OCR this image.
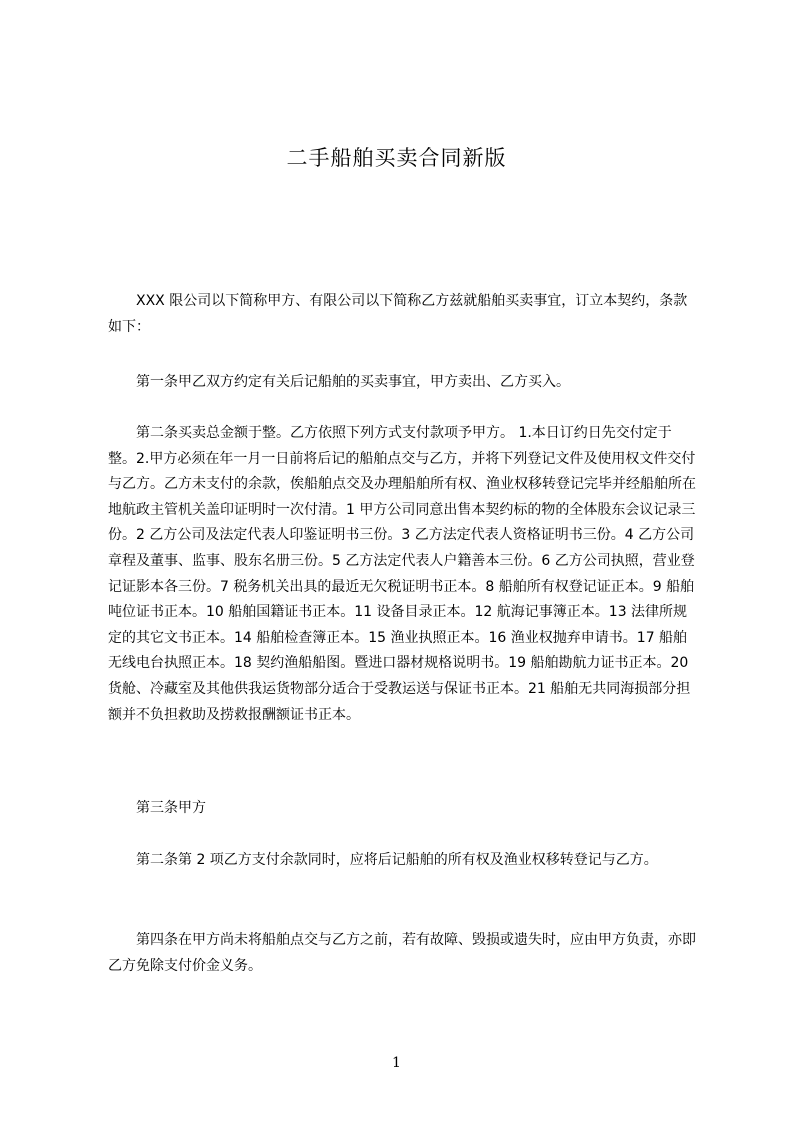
二手船舶买卖合同新版

XXX 限公司以下简称甲方、有限公司以下简称乙方兹就船舶买卖事宜，订立本契约，条款如下：

第一条甲乙双方约定有关后记船舶的买卖事宜，甲方卖出、乙方买入。

第二条买卖总金额于整。乙方依照下列方式支付款项予甲方。 1.本日订约日先交付定于整。2.甲方必须在年一月一日前将后记的船舶点交与乙方，并将下列登记文件及使用权文件交付与乙方。乙方未支付的余款，俟船舶点交及办理船舶所有权、渔业权移转登记完毕并经船舶所在地航政主管机关盖印证明时一次付清。1 甲方公司同意出售本契约标的物的全体股东会议记录三份。2 乙方公司及法定代表人印鉴证明书三份。3 乙方法定代表人资格证明书三份。4 乙方公司章程及董事、监事、股东名册三份。5 乙方法定代表人户籍善本三份。6 乙方公司执照，营业登记证影本各三份。7 税务机关出具的最近无欠税证明书正本。8 船舶所有权登记证正本。9 船舶吨位证书正本。10 船舶国籍证书正本。11 设备目录正本。12 航海记事簿正本。13 法律所规定的其它文书正本。14 船舶检查簿正本。15 渔业执照正本。16 渔业权抛弃申请书。17 船舶无线电台执照正本。18 契约渔船船图。暨进口器材规格说明书。19 船舶勘航力证书正本。20 货舱、冷藏室及其他供我运货物部分适合于受教运送与保证书正本。21 船舶无共同海损部分担额并不负担救助及捞救报酬额证书正本。

第三条甲方

第二条第 2 项乙方支付余款同时，应将后记船舶的所有权及渔业权移转登记与乙方。

第四条在甲方尚未将船舶点交与乙方之前，若有故障、毁损或遗失时，应由甲方负责，亦即乙方免除支付价金义务。

1
